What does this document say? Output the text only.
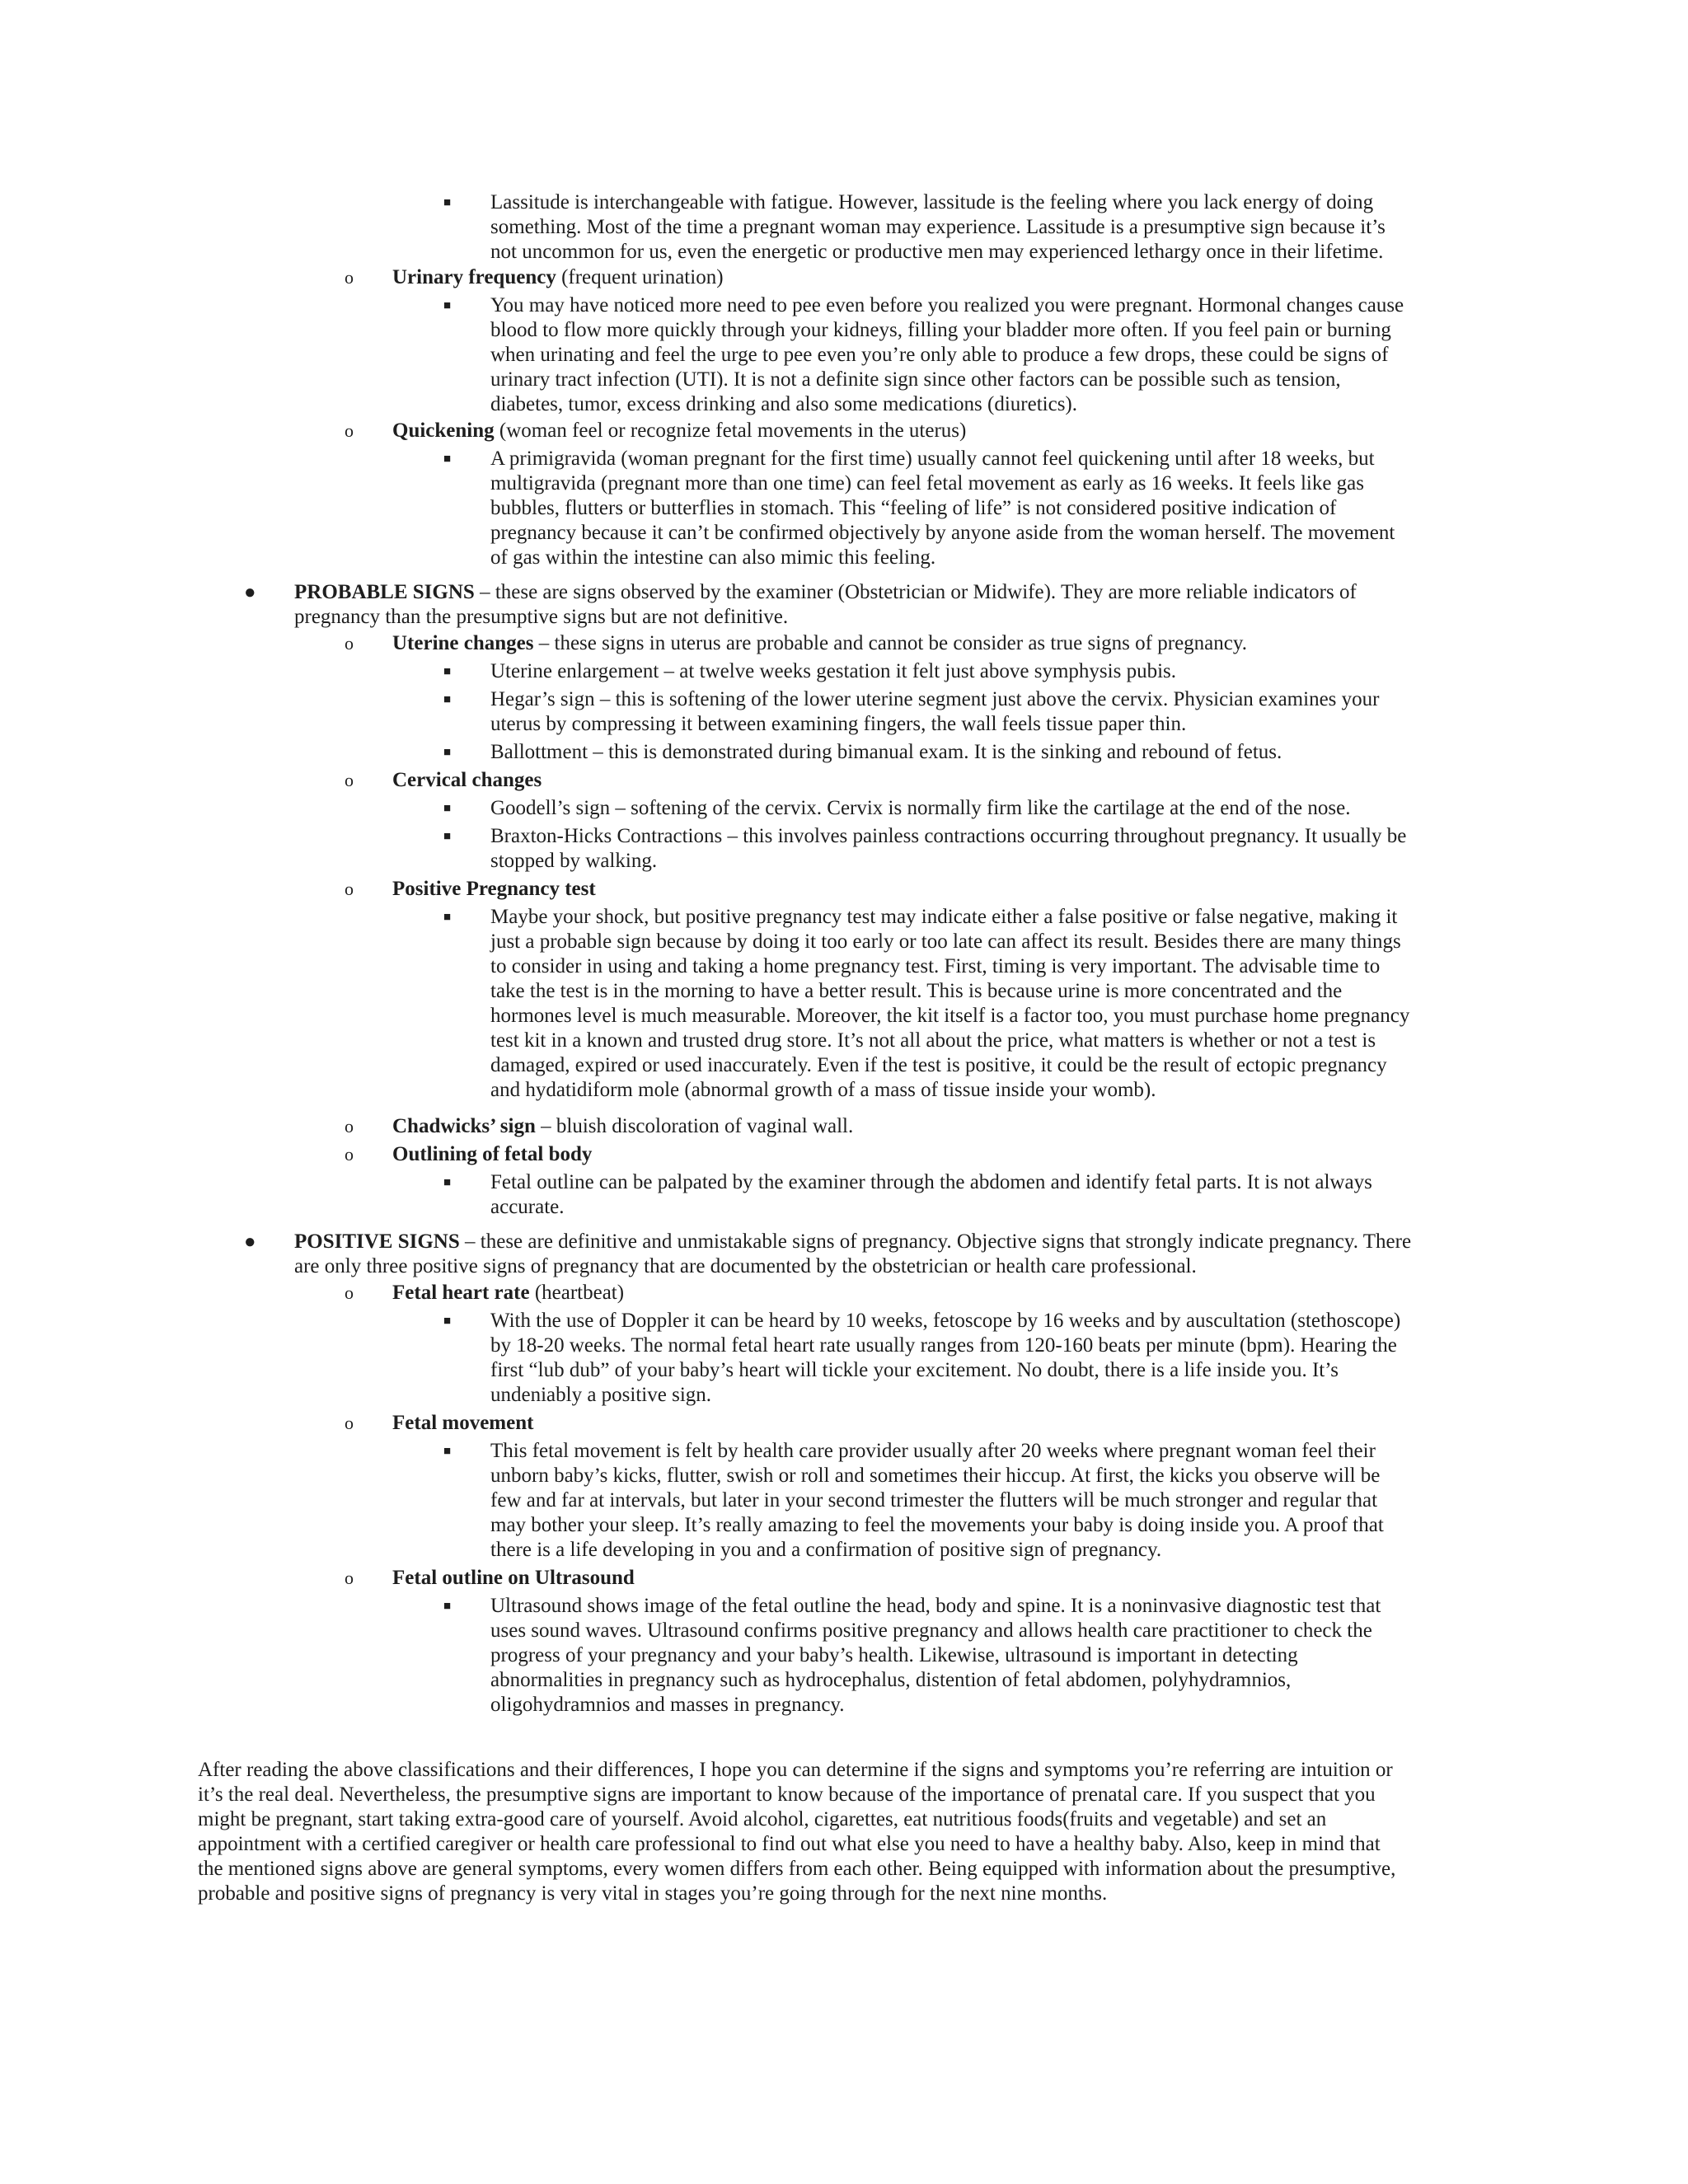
Lassitude is interchangeable with fatigue. However, lassitude is the feeling where you lack energy of doing
■
something. Most of the time a pregnant woman may experience. Lassitude is a presumptive sign because it’s
not uncommon for us, even the energetic or productive men may experienced lethargy once in their lifetime.
Urinary frequency (frequent urination)
o
You may have noticed more need to pee even before you realized you were pregnant. Hormonal changes cause
■
blood to flow more quickly through your kidneys, filling your bladder more often. If you feel pain or burning
when urinating and feel the urge to pee even you’re only able to produce a few drops, these could be signs of
urinary tract infection (UTI). It is not a definite sign since other factors can be possible such as tension,
diabetes, tumor, excess drinking and also some medications (diuretics).
Quickening (woman feel or recognize fetal movements in the uterus)
o
A primigravida (woman pregnant for the first time) usually cannot feel quickening until after 18 weeks, but
■
multigravida (pregnant more than one time) can feel fetal movement as early as 16 weeks. It feels like gas
bubbles, flutters or butterflies in stomach. This “feeling of life” is not considered positive indication of
pregnancy because it can’t be confirmed objectively by anyone aside from the woman herself. The movement
of gas within the intestine can also mimic this feeling.
PROBABLE SIGNS – these are signs observed by the examiner (Obstetrician or Midwife). They are more reliable indicators of
●
pregnancy than the presumptive signs but are not definitive.
Uterine changes – these signs in uterus are probable and cannot be consider as true signs of pregnancy.
o
Uterine enlargement – at twelve weeks gestation it felt just above symphysis pubis.
■
Hegar’s sign – this is softening of the lower uterine segment just above the cervix. Physician examines your
■
uterus by compressing it between examining fingers, the wall feels tissue paper thin.
Ballottment – this is demonstrated during bimanual exam. It is the sinking and rebound of fetus.
■
Cervical changes
o
Goodell’s sign – softening of the cervix. Cervix is normally firm like the cartilage at the end of the nose.
■
Braxton-Hicks Contractions – this involves painless contractions occurring throughout pregnancy. It usually be
■
stopped by walking.
Positive Pregnancy test
o
Maybe your shock, but positive pregnancy test may indicate either a false positive or false negative, making it
■
just a probable sign because by doing it too early or too late can affect its result. Besides there are many things
to consider in using and taking a home pregnancy test. First, timing is very important. The advisable time to
take the test is in the morning to have a better result. This is because urine is more concentrated and the
hormones level is much measurable. Moreover, the kit itself is a factor too, you must purchase home pregnancy
test kit in a known and trusted drug store. It’s not all about the price, what matters is whether or not a test is
damaged, expired or used inaccurately. Even if the test is positive, it could be the result of ectopic pregnancy
and hydatidiform mole (abnormal growth of a mass of tissue inside your womb).
Chadwicks’ sign – bluish discoloration of vaginal wall.
o
Outlining of fetal body
o
Fetal outline can be palpated by the examiner through the abdomen and identify fetal parts. It is not always
■
accurate.
POSITIVE SIGNS – these are definitive and unmistakable signs of pregnancy. Objective signs that strongly indicate pregnancy. There
●
are only three positive signs of pregnancy that are documented by the obstetrician or health care professional.
Fetal heart rate (heartbeat)
o
With the use of Doppler it can be heard by 10 weeks, fetoscope by 16 weeks and by auscultation (stethoscope)
■
by 18-20 weeks. The normal fetal heart rate usually ranges from 120-160 beats per minute (bpm). Hearing the
first “lub dub” of your baby’s heart will tickle your excitement. No doubt, there is a life inside you. It’s
undeniably a positive sign.
Fetal movement
o
This fetal movement is felt by health care provider usually after 20 weeks where pregnant woman feel their
■
unborn baby’s kicks, flutter, swish or roll and sometimes their hiccup. At first, the kicks you observe will be
few and far at intervals, but later in your second trimester the flutters will be much stronger and regular that
may bother your sleep. It’s really amazing to feel the movements your baby is doing inside you. A proof that
there is a life developing in you and a confirmation of positive sign of pregnancy.
Fetal outline on Ultrasound
o
Ultrasound shows image of the fetal outline the head, body and spine. It is a noninvasive diagnostic test that
■
uses sound waves. Ultrasound confirms positive pregnancy and allows health care practitioner to check the
progress of your pregnancy and your baby’s health. Likewise, ultrasound is important in detecting
abnormalities in pregnancy such as hydrocephalus, distention of fetal abdomen, polyhydramnios,
oligohydramnios and masses in pregnancy.
After reading the above classifications and their differences, I hope you can determine if the signs and symptoms you’re referring are intuition or
it’s the real deal. Nevertheless, the presumptive signs are important to know because of the importance of prenatal care. If you suspect that you
might be pregnant, start taking extra-good care of yourself. Avoid alcohol, cigarettes, eat nutritious foods(fruits and vegetable) and set an
appointment with a certified caregiver or health care professional to find out what else you need to have a healthy baby. Also, keep in mind that
the mentioned signs above are general symptoms, every women differs from each other. Being equipped with information about the presumptive,
probable and positive signs of pregnancy is very vital in stages you’re going through for the next nine months.
